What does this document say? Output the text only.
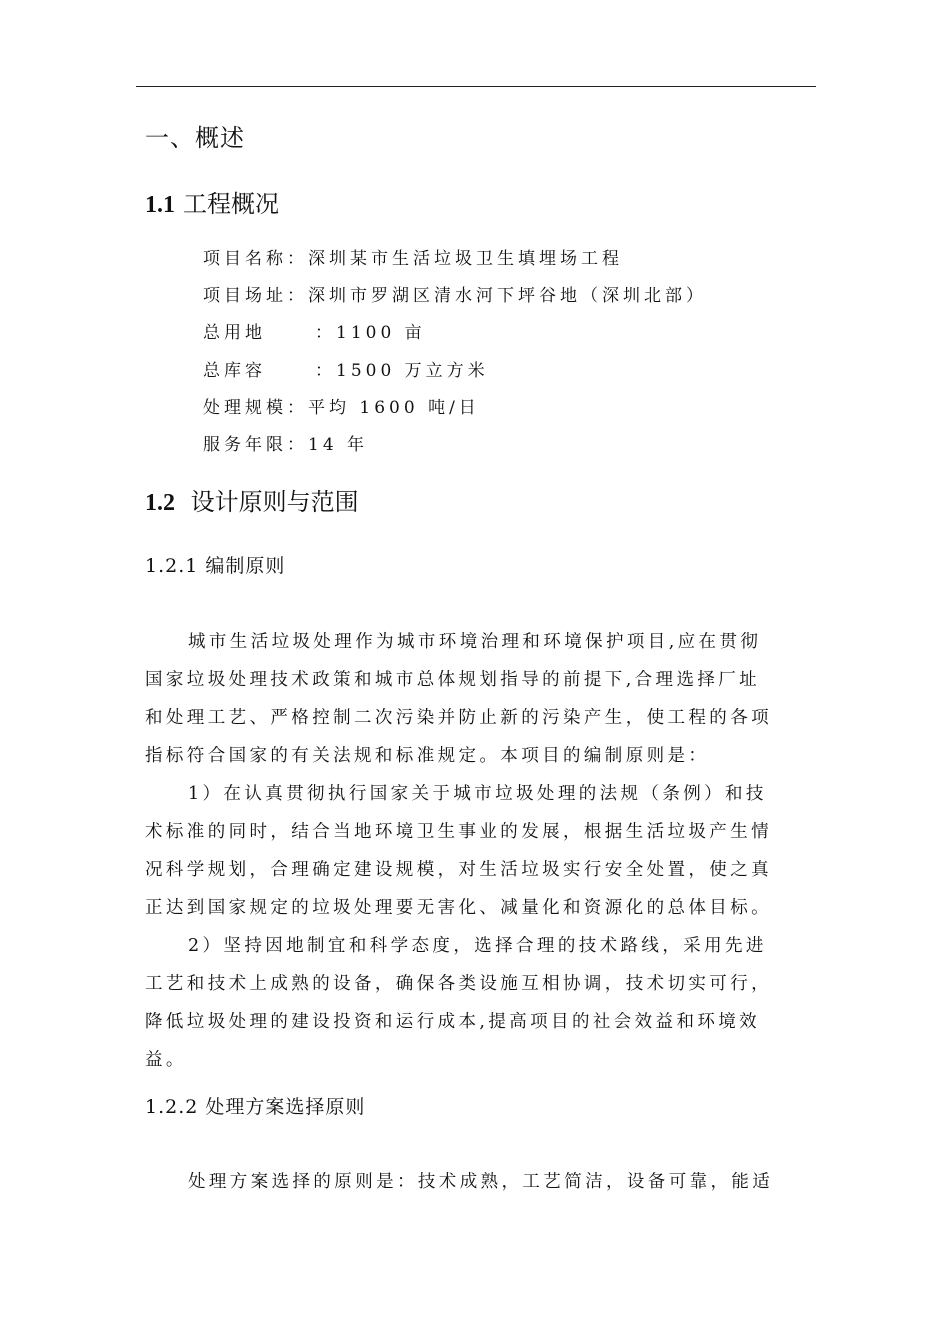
一、概述
1.1 工程概况
项目名称：深圳某市生活垃圾卫生填埋场工程
项目场址：深圳市罗湖区清水河下坪谷地（深圳北部）
总用地	：1100 亩
总库容	：1500 万立方米
处理规模：平均 1600 吨/日
服务年限：14 年
1.2 设计原则与范围
1.2.1 编制原则
城市生活垃圾处理作为城市环境治理和环境保护项目,应在贯彻
国家垃圾处理技术政策和城市总体规划指导的前提下,合理选择厂址
和处理工艺、严格控制二次污染并防止新的污染产生，使工程的各项
指标符合国家的有关法规和标准规定。本项目的编制原则是：
1）在认真贯彻执行国家关于城市垃圾处理的法规（条例）和技
术标准的同时，结合当地环境卫生事业的发展，根据生活垃圾产生情
况科学规划，合理确定建设规模，对生活垃圾实行安全处置，使之真
正达到国家规定的垃圾处理要无害化、减量化和资源化的总体目标。
2）坚持因地制宜和科学态度，选择合理的技术路线，采用先进
工艺和技术上成熟的设备，确保各类设施互相协调，技术切实可行，
降低垃圾处理的建设投资和运行成本,提高项目的社会效益和环境效
益。
1.2.2 处理方案选择原则
处理方案选择的原则是：技术成熟，工艺简洁，设备可靠，能适
